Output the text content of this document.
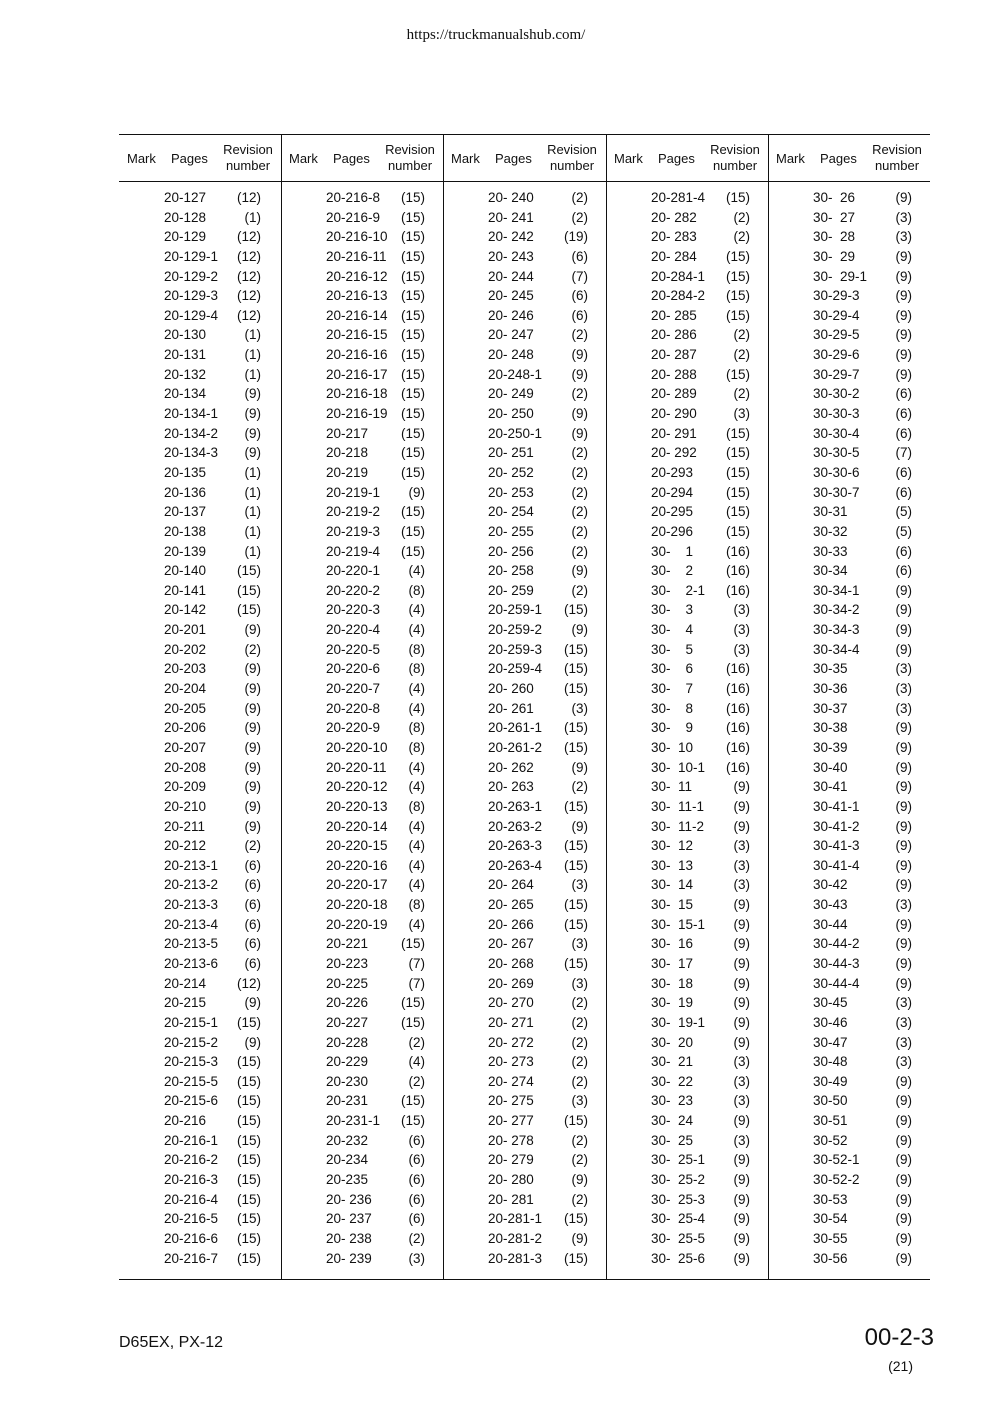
https://truckmanualshub.com/
Mark Pages
Revision
number
20-127 (12)
20-128	(1)
20-129 (12)
20-129-1 (12)
20-129-2 (12)
20-129-3 (12)
20-129-4 (12)
20-130	(1)
20-131	(1)
20-132	(1)
20-134	(9)
20-134-1 (9)
20-134-2 (9)
20-134-3 (9)
20-135	(1)
20-136	(1)
20-137	(1)
20-138	(1)
20-139	(1)
20-140 (15)
20-141 (15)
20-142 (15)
20-201	(9)
20-202	(2)
20-203	(9)
20-204	(9)
20-205	(9)
20-206	(9)
20-207	(9)
20-208	(9)
20-209	(9)
20-210	(9)
20-211	(9)
20-212	(2)
20-213-1 (6)
20-213-2 (6)
20-213-3 (6)
20-213-4 (6)
20-213-5 (6)
20-213-6 (6)
20-214 (12)
20-215	(9)
20-215-1 (15)
20-215-2 (9)
20-215-3 (15)
20-215-5 (15)
20-215-6 (15)
20-216 (15)
20-216-1 (15)
20-216-2 (15)
20-216-3 (15)
20-216-4 (15)
20-216-5 (15)
20-216-6 (15)
20-216-7 (15)
Mark Pages
Revision
number
20-216-8 (15)
20-216-9 (15)
20-216-10 (15)
20-216-11 (15)
20-216-12 (15)
20-216-13 (15)
20-216-14 (15)
20-216-15 (15)
20-216-16 (15)
20-216-17 (15)
20-216-18 (15)
20-216-19 (15)
20-217 (15)
20-218 (15)
20-219 (15)
20-219-1 (9)
20-219-2 (15)
20-219-3 (15)
20-219-4 (15)
20-220-1 (4)
20-220-2 (8)
20-220-3 (4)
20-220-4 (4)
20-220-5 (8)
20-220-6 (8)
20-220-7 (4)
20-220-8 (4)
20-220-9 (8)
20-220-10 (8)
20-220-11 (4)
20-220-12 (4)
20-220-13 (8)
20-220-14 (4)
20-220-15 (4)
20-220-16 (4)
20-220-17 (4)
20-220-18 (8)
20-220-19 (4)
20-221 (15)
20-223	(7)
20-225	(7)
20-226 (15)
20-227 (15)
20-228	(2)
20-229	(4)
20-230	(2)
20-231 (15)
20-231-1 (15)
20-232	(6)
20-234	(6)
20-235	(6)
20- 236	(6)
20- 237	(6)
20- 238	(2)
20- 239	(3)
Mark Pages
Revision
number
20- 240	(2)
20- 241	(2)
20- 242 (19)
20- 243	(6)
20- 244	(7)
20- 245	(6)
20- 246	(6)
20- 247	(2)
20- 248	(9)
20-248-1 (9)
20- 249	(2)
20- 250	(9)
20-250-1 (9)
20- 251	(2)
20- 252	(2)
20- 253	(2)
20- 254	(2)
20- 255	(2)
20- 256	(2)
20- 258	(9)
20- 259	(2)
20-259-1 (15)
20-259-2 (9)
20-259-3 (15)
20-259-4 (15)
20- 260 (15)
20- 261	(3)
20-261-1 (15)
20-261-2 (15)
20- 262	(9)
20- 263	(2)
20-263-1 (15)
20-263-2 (9)
20-263-3 (15)
20-263-4 (15)
20- 264	(3)
20- 265 (15)
20- 266 (15)
20- 267	(3)
20- 268 (15)
20- 269	(3)
20- 270	(2)
20- 271	(2)
20- 272	(2)
20- 273	(2)
20- 274	(2)
20- 275	(3)
20- 277 (15)
20- 278	(2)
20- 279	(2)
20- 280	(9)
20- 281	(2)
20-281-1 (15)
20-281-2 (9)
20-281-3 (15)
Mark Pages
Revision
number
20-281-4 (15)
20- 282	(2)
20- 283	(2)
20- 284 (15)
20-284-1 (15)
20-284-2 (15)
20- 285 (15)
20- 286	(2)
20- 287	(2)
20- 288 (15)
20- 289	(2)
20- 290	(3)
20- 291 (15)
20- 292 (15)
20-293 (15)
20-294 (15)
20-295 (15)
20-296 (15)
30-    1 (16)
30-    2 (16)
30-    2-1 (16)
30-    3	(3)
30-    4	(3)
30-    5	(3)
30-    6 (16)
30-    7 (16)
30-    8 (16)
30-    9 (16)
30-  10 (16)
30-  10-1 (16)
30-  11	(9)
30-  11-1 (9)
30-  11-2 (9)
30-  12	(3)
30-  13	(3)
30-  14	(3)
30-  15	(9)
30-  15-1 (9)
30-  16	(9)
30-  17	(9)
30-  18	(9)
30-  19	(9)
30-  19-1 (9)
30-  20	(9)
30-  21	(3)
30-  22	(3)
30-  23	(3)
30-  24	(9)
30-  25	(3)
30-  25-1 (9)
30-  25-2 (9)
30-  25-3 (9)
30-  25-4 (9)
30-  25-5 (9)
30-  25-6 (9)
Mark Pages
Revision
number
30-  26	(9)
30-  27	(3)
30-  28	(3)
30-  29	(9)
30-  29-1 (9)
30-29-3	(9)
30-29-4	(9)
30-29-5	(9)
30-29-6	(9)
30-29-7	(9)
30-30-2	(6)
30-30-3	(6)
30-30-4	(6)
30-30-5	(7)
30-30-6	(6)
30-30-7	(6)
30-31	(5)
30-32	(5)
30-33	(6)
30-34	(6)
30-34-1	(9)
30-34-2	(9)
30-34-3	(9)
30-34-4	(9)
30-35	(3)
30-36	(3)
30-37	(3)
30-38	(9)
30-39	(9)
30-40	(9)
30-41	(9)
30-41-1	(9)
30-41-2	(9)
30-41-3	(9)
30-41-4	(9)
30-42	(9)
30-43	(3)
30-44	(9)
30-44-2	(9)
30-44-3	(9)
30-44-4	(9)
30-45	(3)
30-46	(3)
30-47	(3)
30-48	(3)
30-49	(9)
30-50	(9)
30-51	(9)
30-52	(9)
30-52-1	(9)
30-52-2	(9)
30-53	(9)
30-54	(9)
30-55	(9)
30-56	(9)
D65EX, PX-12	00-2-3
(21)
